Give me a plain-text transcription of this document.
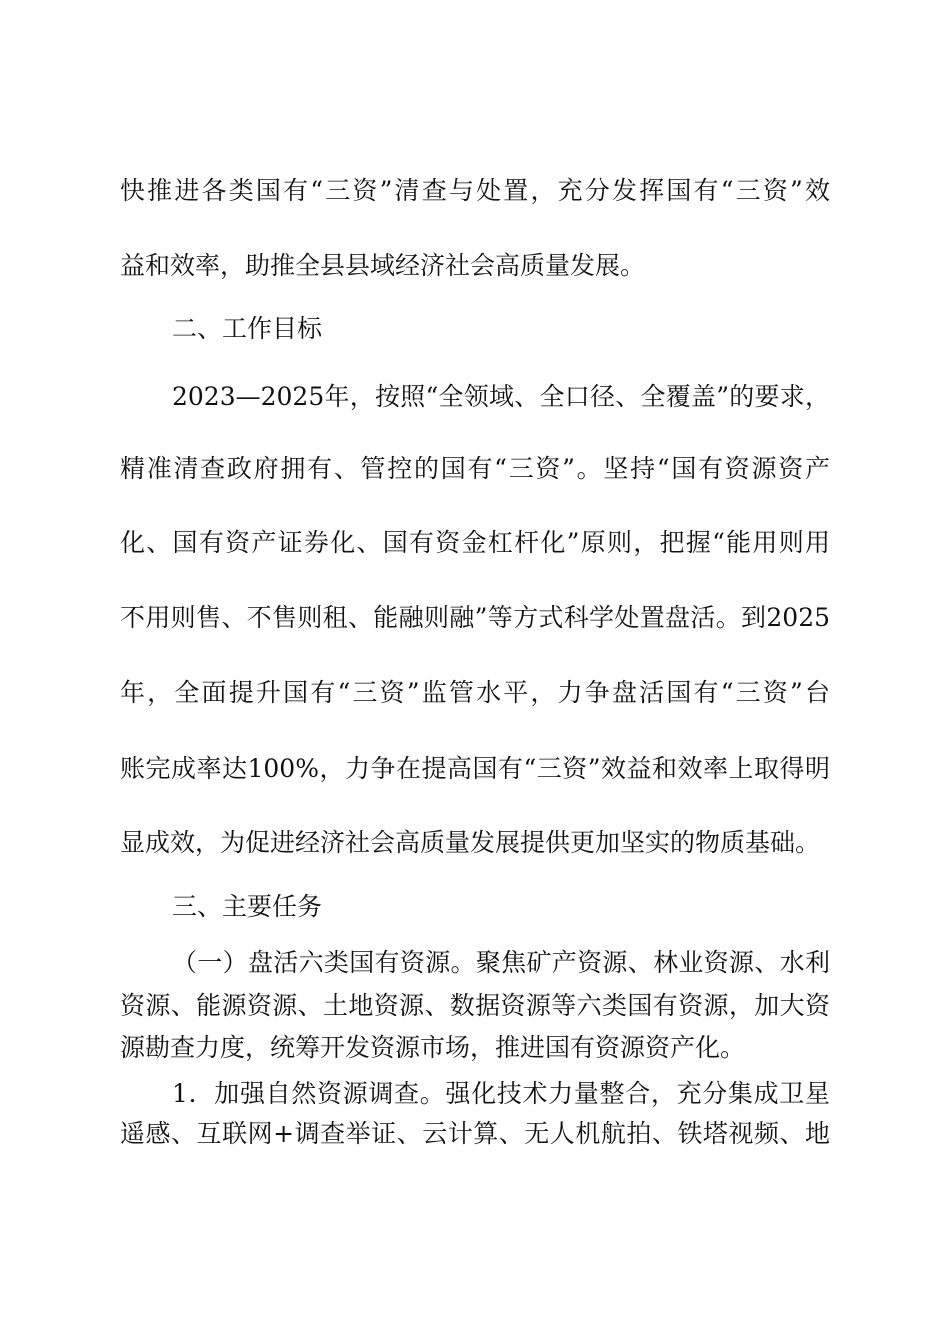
快推进各类国有“三资”清查与处置，充分发挥国有“三资”效
益和效率，助推全县县域经济社会高质量发展。
二、工作目标
2023—2025年，按照“全领域、全口径、全覆盖”的要求，
精准清查政府拥有、管控的国有“三资”。坚持“国有资源资产
化、国有资产证券化、国有资金杠杆化”原则，把握“能用则用
不用则售、不售则租、能融则融”等方式科学处置盘活。到2025
年，全面提升国有“三资”监管水平，力争盘活国有“三资”台
账完成率达100%，力争在提高国有“三资”效益和效率上取得明
显成效，为促进经济社会高质量发展提供更加坚实的物质基础。
三、主要任务
（一）盘活六类国有资源。聚焦矿产资源、林业资源、水利
资源、能源资源、土地资源、数据资源等六类国有资源，加大资
源勘查力度，统筹开发资源市场，推进国有资源资产化。
1．加强自然资源调查。强化技术力量整合，充分集成卫星
遥感、互联网+调查举证、云计算、无人机航拍、铁塔视频、地
